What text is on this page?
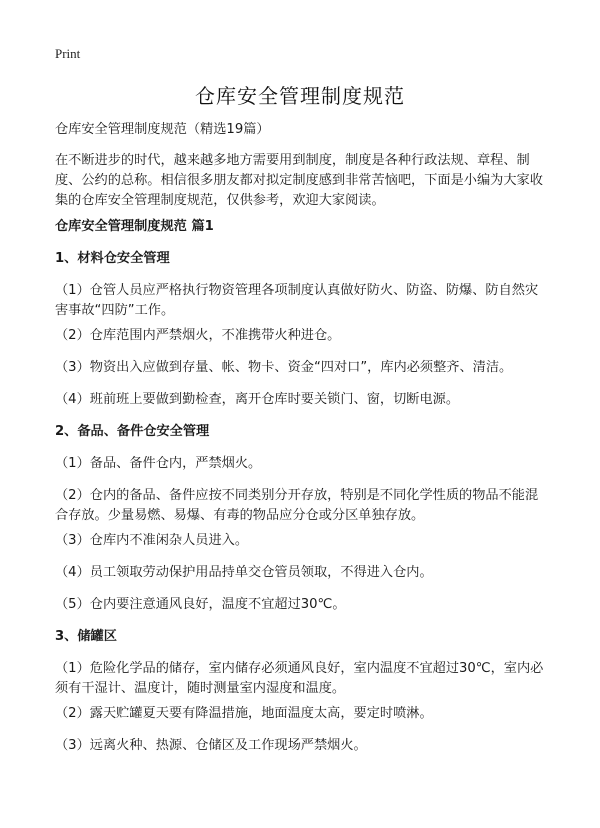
Print
仓库安全管理制度规范
仓库安全管理制度规范（精选19篇）
在不断进步的时代，越来越多地方需要用到制度，制度是各种行政法规、章程、制度、公约的总称。相信很多朋友都对拟定制度感到非常苦恼吧，下面是小编为大家收集的仓库安全管理制度规范，仅供参考，欢迎大家阅读。
仓库安全管理制度规范 篇1
1、材料仓安全管理
（1）仓管人员应严格执行物资管理各项制度认真做好防火、防盗、防爆、防自然灾害事故“四防”工作。
（2）仓库范围内严禁烟火，不准携带火种进仓。
（3）物资出入应做到存量、帐、物卡、资金“四对口”，库内必须整齐、清洁。
（4）班前班上要做到勤检查，离开仓库时要关锁门、窗，切断电源。
2、备品、备件仓安全管理
（1）备品、备件仓内，严禁烟火。
（2）仓内的备品、备件应按不同类别分开存放，特别是不同化学性质的物品不能混合存放。少量易燃、易爆、有毒的物品应分仓或分区单独存放。
（3）仓库内不准闲杂人员进入。
（4）员工领取劳动保护用品持单交仓管员领取，不得进入仓内。
（5）仓内要注意通风良好，温度不宜超过30℃。
3、储罐区
（1）危险化学品的储存，室内储存必须通风良好，室内温度不宜超过30℃，室内必须有干湿计、温度计，随时测量室内湿度和温度。
（2）露天贮罐夏天要有降温措施，地面温度太高，要定时喷淋。
（3）远离火种、热源、仓储区及工作现场严禁烟火。
